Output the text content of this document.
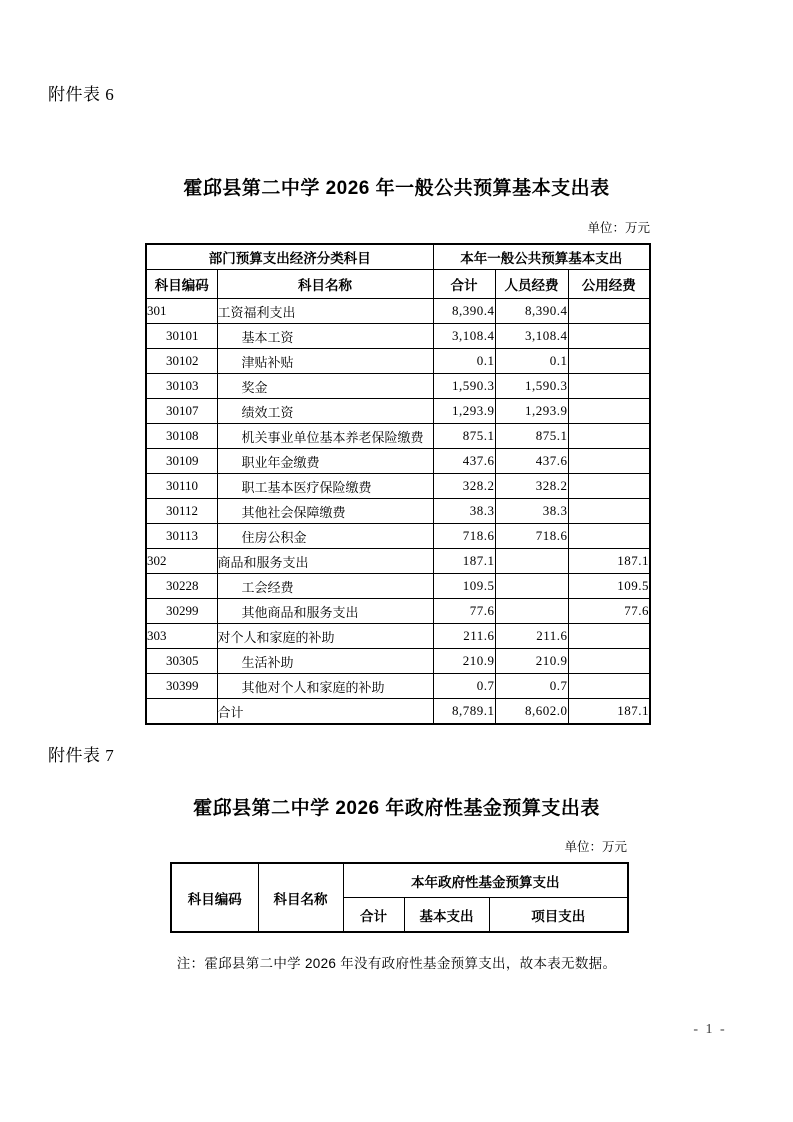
附件表 6
霍邱县第二中学 2026 年一般公共预算基本支出表
单位：万元
部门预算支出经济分类科目		本年一般公共预算基本支出		
科目编码	科目名称	合计	人员经费	公用经费
301	工资福利支出	8,390.4	8,390.4	
30101	基本工资	3,108.4	3,108.4	
30102	津贴补贴	0.1	0.1	
30103	奖金	1,590.3	1,590.3	
30107	绩效工资	1,293.9	1,293.9	
30108	机关事业单位基本养老保险缴费	875.1	875.1	
30109	职业年金缴费	437.6	437.6	
30110	职工基本医疗保险缴费	328.2	328.2	
30112	其他社会保障缴费	38.3	38.3	
30113	住房公积金	718.6	718.6	
302	商品和服务支出	187.1		187.1
30228	工会经费	109.5		109.5
30299	其他商品和服务支出	77.6		77.6
303	对个人和家庭的补助	211.6	211.6	
30305	生活补助	210.9	210.9	
30399	其他对个人和家庭的补助	0.7	0.7	
	合计	8,789.1	8,602.0	187.1
附件表 7
霍邱县第二中学 2026 年政府性基金预算支出表
单位：万元
科目编码	科目名称	本年政府性基金预算支出		
		合计	基本支出	项目支出
注：霍邱县第二中学 2026 年没有政府性基金预算支出，故本表无数据。
- 1 -
